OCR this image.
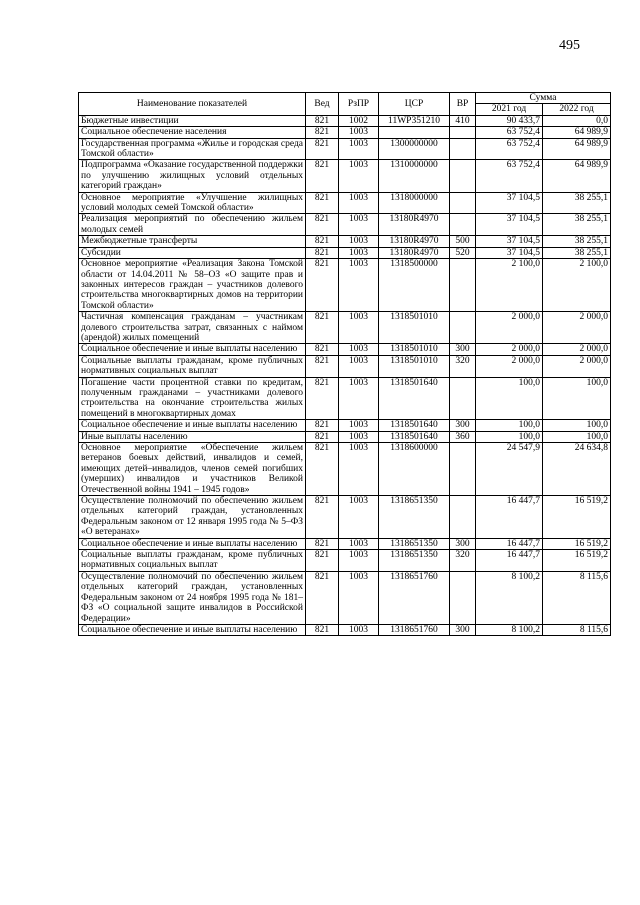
495
Наименование показателей	Вед	РзПР	ЦСР	ВР	Сумма	
					2021 год	2022 год
Бюджетные инвестиции	821	1002	11WP351210	410	90 433,7	0,0
Социальное обеспечение населения	821	1003			63 752,4	64 989,9
Государственная программа «Жилье и городская среда Томской области»	821	1003	1300000000		63 752,4	64 989,9
Подпрограмма «Оказание государственной поддержки по улучшению жилищных условий отдельных категорий граждан»	821	1003	1310000000		63 752,4	64 989,9
Основное мероприятие «Улучшение жилищных условий молодых семей Томской области»	821	1003	1318000000		37 104,5	38 255,1
Реализация мероприятий по обеспечению жильем молодых семей	821	1003	13180R4970		37 104,5	38 255,1
Межбюджетные трансферты	821	1003	13180R4970	500	37 104,5	38 255,1
Субсидии	821	1003	13180R4970	520	37 104,5	38 255,1
Основное мероприятие «Реализация Закона Томской области от 14.04.2011 № 58–ОЗ «О защите прав и законных интересов граждан – участников долевого строительства многоквартирных домов на территории Томской области»	821	1003	1318500000		2 100,0	2 100,0
Частичная компенсация гражданам – участникам долевого строительства затрат, связанных с наймом (арендой) жилых помещений	821	1003	1318501010		2 000,0	2 000,0
Социальное обеспечение и иные выплаты населению	821	1003	1318501010	300	2 000,0	2 000,0
Социальные выплаты гражданам, кроме публичных нормативных социальных выплат	821	1003	1318501010	320	2 000,0	2 000,0
Погашение части процентной ставки по кредитам, полученным гражданами – участниками долевого строительства на окончание строительства жилых помещений в многоквартирных домах	821	1003	1318501640		100,0	100,0
Социальное обеспечение и иные выплаты населению	821	1003	1318501640	300	100,0	100,0
Иные выплаты населению	821	1003	1318501640	360	100,0	100,0
Основное мероприятие «Обеспечение жильем ветеранов боевых действий, инвалидов и семей, имеющих детей–инвалидов, членов семей погибших (умерших) инвалидов и участников Великой Отечественной войны 1941 – 1945 годов»	821	1003	1318600000		24 547,9	24 634,8
Осуществление полномочий по обеспечению жильем отдельных категорий граждан, установленных Федеральным законом от 12 января 1995 года № 5–ФЗ «О ветеранах»	821	1003	1318651350		16 447,7	16 519,2
Социальное обеспечение и иные выплаты населению	821	1003	1318651350	300	16 447,7	16 519,2
Социальные выплаты гражданам, кроме публичных нормативных социальных выплат	821	1003	1318651350	320	16 447,7	16 519,2
Осуществление полномочий по обеспечению жильем отдельных категорий граждан, установленных Федеральным законом от 24 ноября 1995 года № 181–ФЗ «О социальной защите инвалидов в Российской Федерации»	821	1003	1318651760		8 100,2	8 115,6
Социальное обеспечение и иные выплаты населению	821	1003	1318651760	300	8 100,2	8 115,6
